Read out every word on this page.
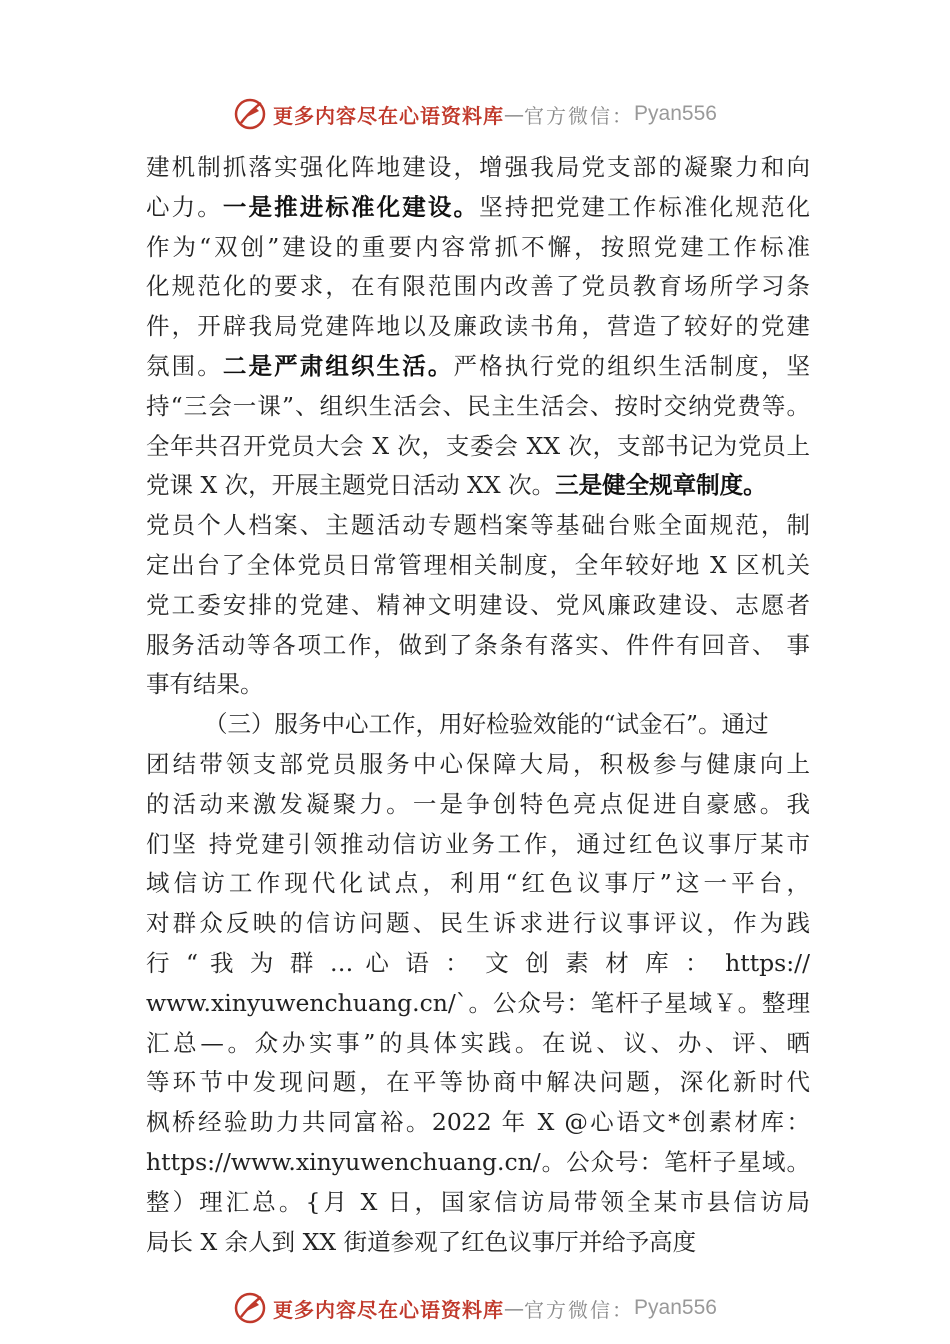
更多内容尽在心语资料库 — 官方微信： Pyan556
建机制抓落实强化阵地建设，增强我局党支部的凝聚力和向
心力。一是推进标准化建设。坚持把党建工作标准化规范化
作为“双创”建设的重要内容常抓不懈，按照党建工作标准
化规范化的要求，在有限范围内改善了党员教育场所学习条
件，开辟我局党建阵地以及廉政读书角，营造了较好的党建
氛围。二是严肃组织生活。严格执行党的组织生活制度，坚
持“三会一课”、组织生活会、民主生活会、按时交纳党费等。
全年共召开党员大会 X 次，支委会 XX 次，支部书记为党员上
党课 X 次，开展主题党日活动 XX 次。三是健全规章制度。
党员个人档案、主题活动专题档案等基础台账全面规范，制
定出台了全体党员日常管理相关制度，全年较好地 X 区机关
党工委安排的党建、精神文明建设、党风廉政建设、志愿者
服务活动等各项工作，做到了条条有落实、件件有回音、 事
事有结果。
（三）服务中心工作，用好检验效能的“试金石”。通过
团结带领支部党员服务中心保障大局，积极参与健康向上
的活动来激发凝聚力。一是争创特色亮点促进自豪感。我
们坚 持党建引领推动信访业务工作，通过红色议事厅某市
域信访工作现代化试点，利用“红色议事厅”这一平台，
对群众反映的信访问题、民生诉求进行议事评议，作为践
行 “ 我 为 群 … 心 语 ： 文 创 素 材 库 ： https://
www.xinyuwenchuang.cn/`。公众号：笔杆子星域￥。整理
汇总—。众办实事”的具体实践。在说、议、办、评、晒
等环节中发现问题，在平等协商中解决问题，深化新时代
枫桥经验助力共同富裕。2022 年 X @心语文*创素材库：
https://www.xinyuwenchuang.cn/。公众号：笔杆子星域。
整）理汇总。{月 X 日，国家信访局带领全某市县信访局
局长 X 余人到 XX 街道参观了红色议事厅并给予高度
更多内容尽在心语资料库 — 官方微信： Pyan556
